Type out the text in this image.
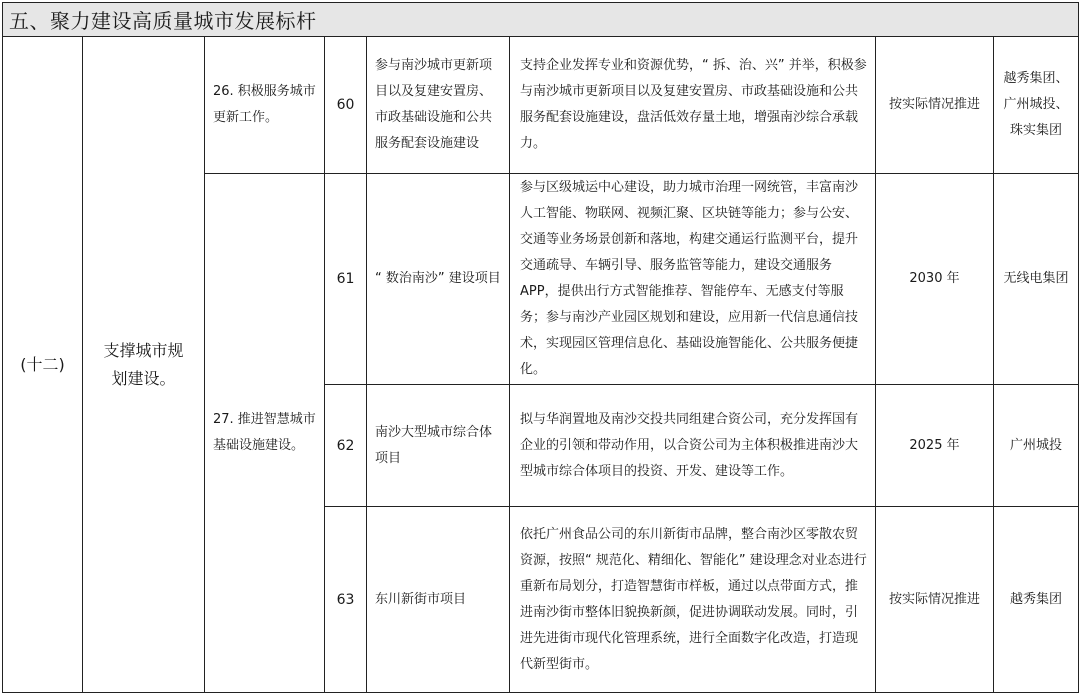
五、聚力建设高质量城市发展标杆							
(十二)	支撑城市规划建设。	26. 积极服务城市更新工作。	60	参与南沙城市更新项目以及复建安置房、市政基础设施和公共服务配套设施建设	支持企业发挥专业和资源优势，“ 拆、治、兴” 并举，积极参与南沙城市更新项目以及复建安置房、市政基础设施和公共服务配套设施建设，盘活低效存量土地，增强南沙综合承载力。	按实际情况推进	越秀集团、广州城投、珠实集团
		27. 推进智慧城市基础设施建设。	61	“ 数治南沙” 建设项目	参与区级城运中心建设，助力城市治理一网统管，丰富南沙人工智能、物联网、视频汇聚、区块链等能力；参与公安、交通等业务场景创新和落地，构建交通运行监测平台，提升交通疏导、车辆引导、服务监管等能力，建设交通服务 APP，提供出行方式智能推荐、智能停车、无感支付等服务；参与南沙产业园区规划和建设，应用新一代信息通信技术，实现园区管理信息化、基础设施智能化、公共服务便捷化。	2030 年	无线电集团
			62	南沙大型城市综合体项目	拟与华润置地及南沙交投共同组建合资公司，充分发挥国有企业的引领和带动作用，以合资公司为主体积极推进南沙大型城市综合体项目的投资、开发、建设等工作。	2025 年	广州城投
			63	东川新街市项目	依托广州食品公司的东川新街市品牌，整合南沙区零散农贸资源，按照“ 规范化、精细化、智能化” 建设理念对业态进行重新布局划分，打造智慧街市样板，通过以点带面方式，推进南沙街市整体旧貌换新颜，促进协调联动发展。同时，引进先进街市现代化管理系统，进行全面数字化改造，打造现代新型街市。	按实际情况推进	越秀集团
